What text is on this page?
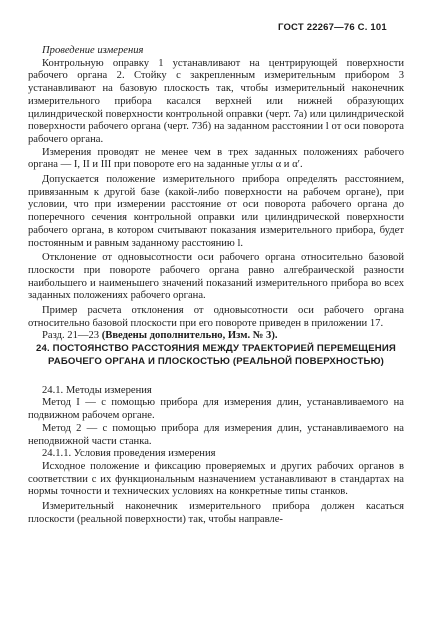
ГОСТ 22267—76 С. 101

Проведение измерения

Контрольную оправку 1 устанавливают на центрирующей поверхности рабочего органа 2. Стойку с закрепленным измерительным прибором 3 устанавливают на базовую плоскость так, чтобы измерительный наконечник измерительного прибора касался верхней или нижней образующих цилиндрической поверхности контрольной оправки (черт. 7а) или цилиндрической поверхности рабочего органа (черт. 73б) на заданном расстоянии l от оси поворота рабочего органа.

Измерения проводят не менее чем в трех заданных положениях рабочего органа — I, II и III при повороте его на заданные углы α и α′.

Допускается положение измерительного прибора определять расстоянием, привязанным к другой базе (какой-либо поверхности на рабочем органе), при условии, что при измерении расстояние от оси поворота рабочего органа до поперечного сечения контрольной оправки или цилиндрической поверхности рабочего органа, в котором считывают показания измерительного прибора, будет постоянным и равным заданному расстоянию l.

Отклонение от одновысотности оси рабочего органа относительно базовой плоскости при повороте рабочего органа равно алгебраической разности наибольшего и наименьшего значений показаний измерительного прибора во всех заданных положениях рабочего органа.

Пример расчета отклонения от одновысотности оси рабочего органа относительно базовой плоскости при его повороте приведен в приложении 17.

Разд. 21—23 (Введены дополнительно, Изм. № 3).

24. ПОСТОЯНСТВО РАССТОЯНИЯ МЕЖДУ ТРАЕКТОРИЕЙ ПЕРЕМЕЩЕНИЯ РАБОЧЕГО ОРГАНА И ПЛОСКОСТЬЮ (РЕАЛЬНОЙ ПОВЕРХНОСТЬЮ)

24.1. Методы измерения

Метод I — с помощью прибора для измерения длин, устанавливаемого на подвижном рабочем органе.

Метод 2 — с помощью прибора для измерения длин, устанавливаемого на неподвижной части станка.

24.1.1. Условия проведения измерения

Исходное положение и фиксацию проверяемых и других рабочих органов в соответствии с их функциональным назначением устанавливают в стандартах на нормы точности и технических условиях на конкретные типы станков.

Измерительный наконечник измерительного прибора должен касаться плоскости (реальной поверхности) так, чтобы направле-
